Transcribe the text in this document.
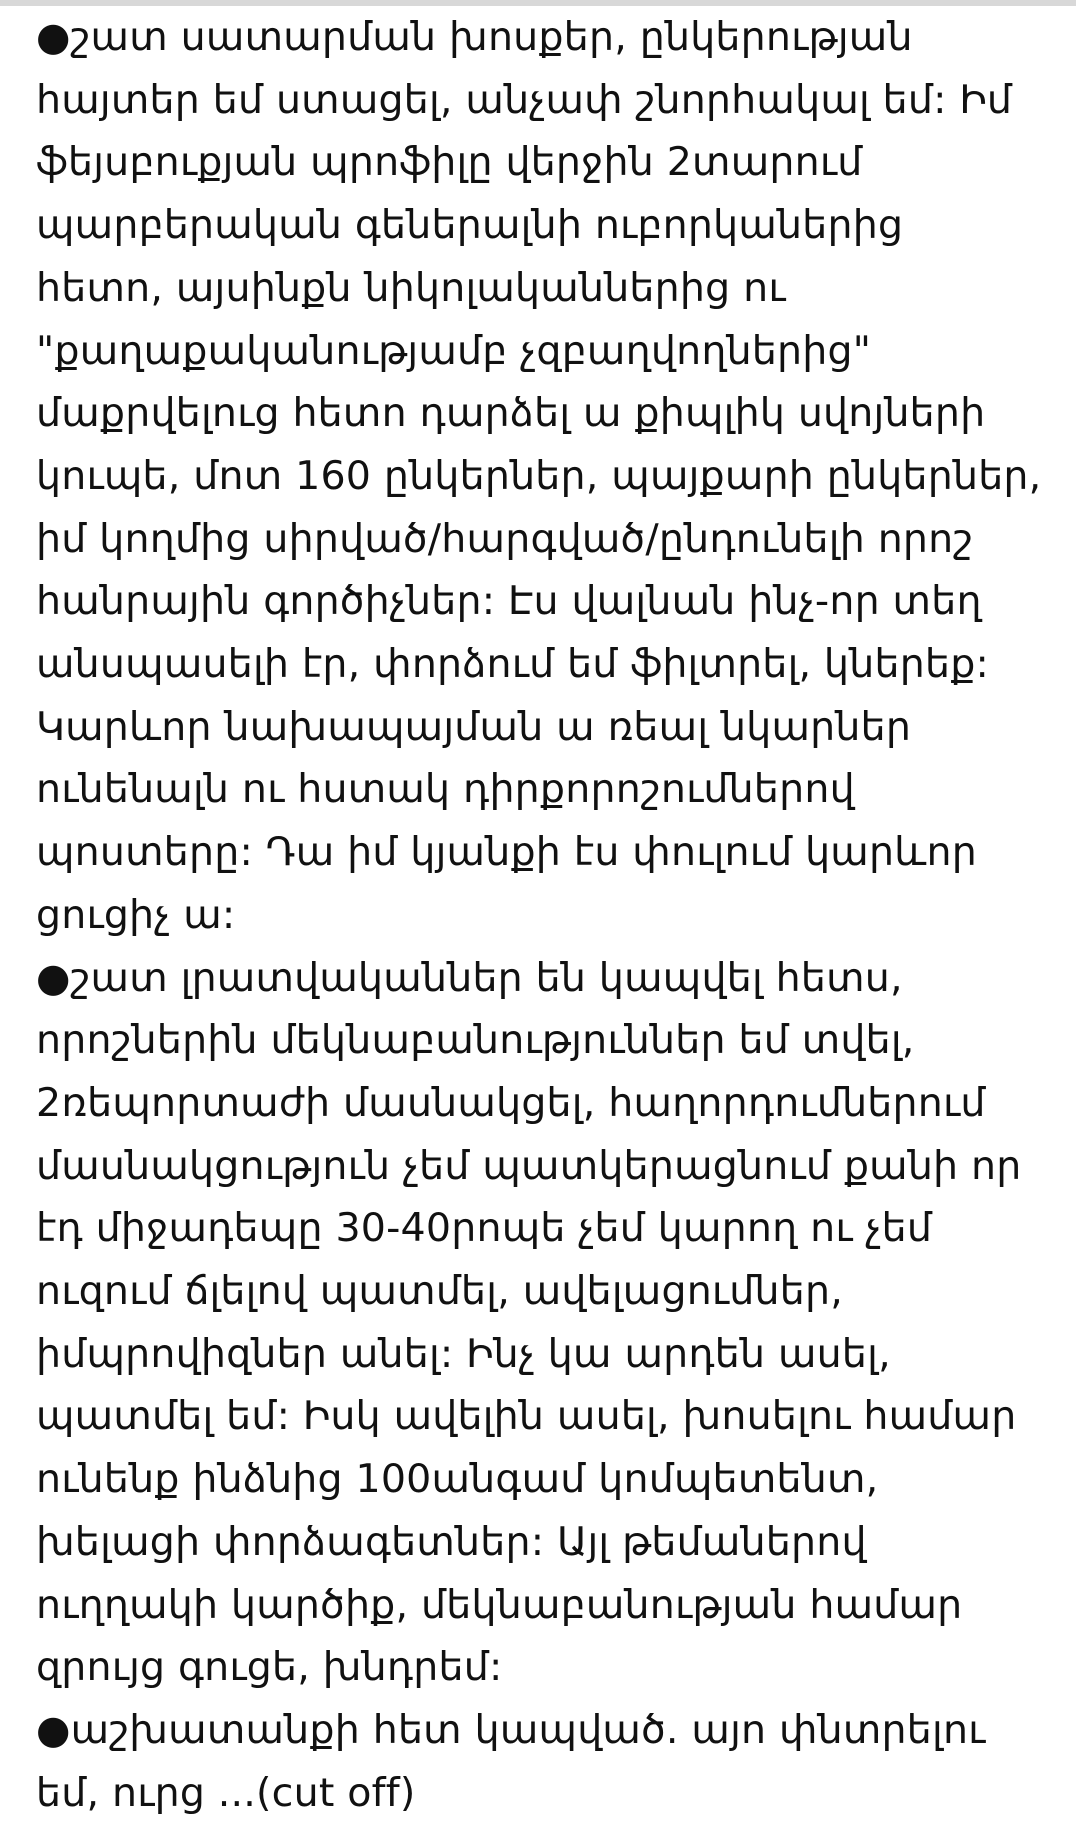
●շատ սատարման խոսքեր, ընկերության
հայտեր եմ ստացել, անչափ շնորհակալ եմ: Իմ
ֆեյսբուքյան պրոֆիլը վերջին 2տարում
պարբերական գեներալնի ուբորկաներից
հետո, այսինքն նիկոլականներից ու
"քաղաքականությամբ չզբաղվողներից"
մաքրվելուց հետո դարձել ա քիպլիկ սվոյների
կուպե, մոտ 160 ընկերներ, պայքարի ընկերներ,
իմ կողմից սիրված/հարգված/ընդունելի որոշ
հանրային գործիչներ: Էս վալնան ինչ-որ տեղ
անսպասելի էր, փորձում եմ ֆիլտրել, կներեք:
Կարևոր նախապայման ա ռեալ նկարներ
ունենալն ու հստակ դիրքորոշումներով
պոստերը: Դա իմ կյանքի էս փուլում կարևոր
ցուցիչ ա:
●շատ լրատվականներ են կապվել հետս,
որոշներին մեկնաբանություններ եմ տվել,
2ռեպորտաժի մասնակցել, հաղորդումներում
մասնակցություն չեմ պատկերացնում քանի որ
էդ միջադեպը 30-40րոպե չեմ կարող ու չեմ
ուզում ճլելով պատմել, ավելացումներ,
իմպրովիզներ անել: Ինչ կա արդեն ասել,
պատմել եմ: Իսկ ավելին ասել, խոսելու համար
ունենք ինձնից 100անգամ կոմպետենտ,
խելացի փորձագետներ: Այլ թեմաներով
ուղղակի կարծիք, մեկնաբանության համար
զրույց գուցե, խնդրեմ:
●աշխատանքի հետ կապված. այո փնտրելու
եմ, ուրց ...(cut off)
